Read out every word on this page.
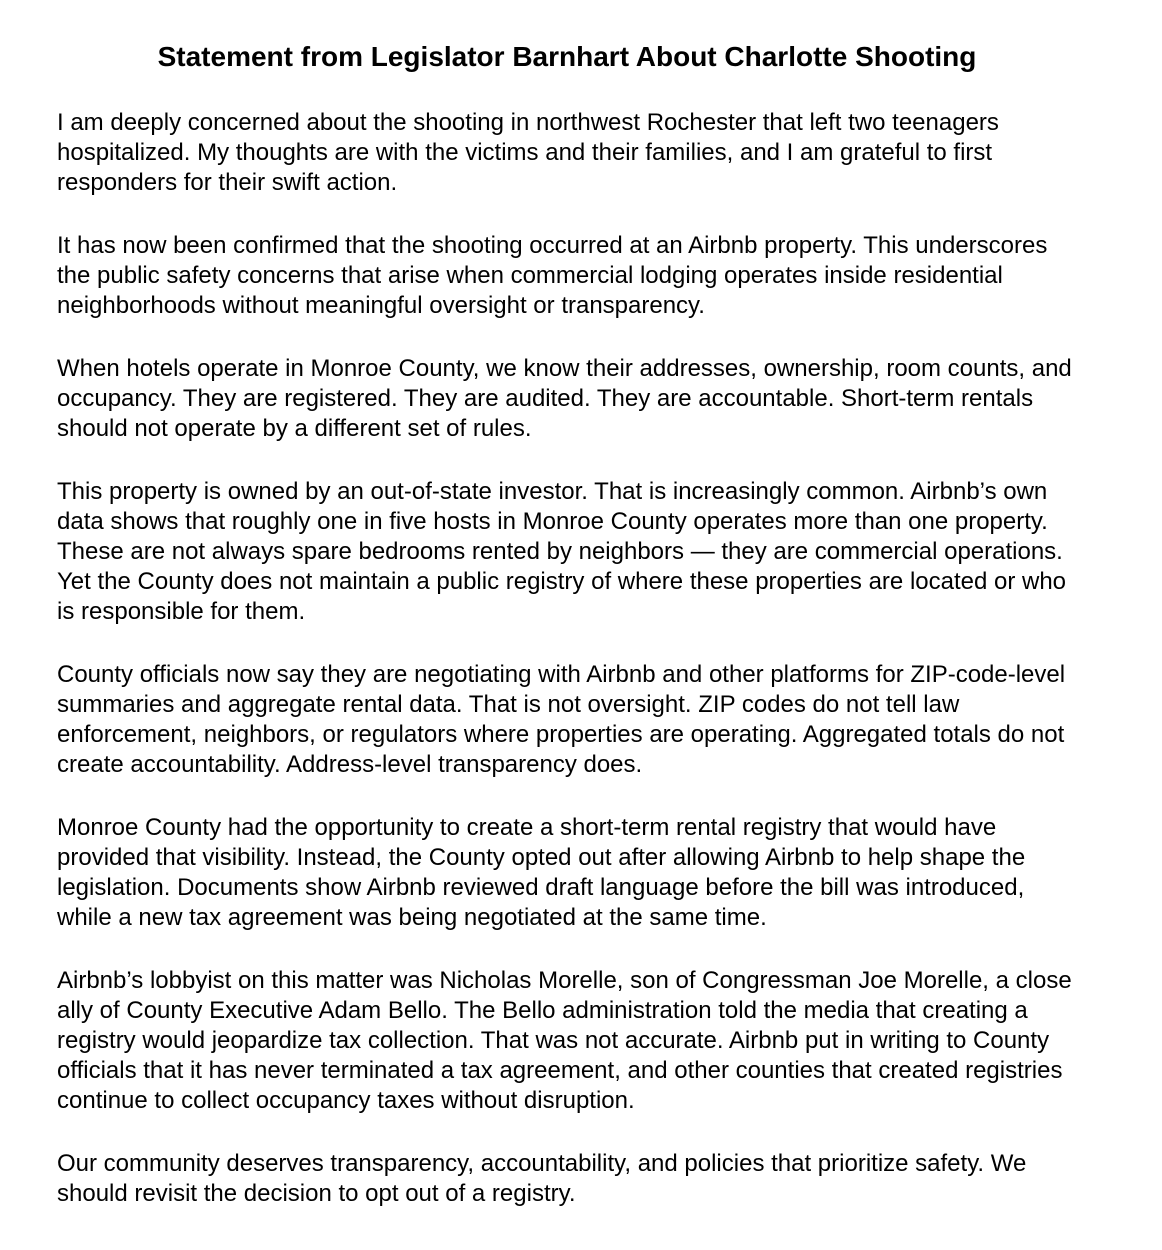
Statement from Legislator Barnhart About Charlotte Shooting

I am deeply concerned about the shooting in northwest Rochester that left two teenagers hospitalized. My thoughts are with the victims and their families, and I am grateful to first responders for their swift action.

It has now been confirmed that the shooting occurred at an Airbnb property. This underscores the public safety concerns that arise when commercial lodging operates inside residential neighborhoods without meaningful oversight or transparency.

When hotels operate in Monroe County, we know their addresses, ownership, room counts, and occupancy. They are registered. They are audited. They are accountable. Short-term rentals should not operate by a different set of rules.

This property is owned by an out-of-state investor. That is increasingly common. Airbnb’s own data shows that roughly one in five hosts in Monroe County operates more than one property. These are not always spare bedrooms rented by neighbors — they are commercial operations. Yet the County does not maintain a public registry of where these properties are located or who is responsible for them.

County officials now say they are negotiating with Airbnb and other platforms for ZIP-code-level summaries and aggregate rental data. That is not oversight. ZIP codes do not tell law enforcement, neighbors, or regulators where properties are operating. Aggregated totals do not create accountability. Address-level transparency does.

Monroe County had the opportunity to create a short-term rental registry that would have provided that visibility. Instead, the County opted out after allowing Airbnb to help shape the legislation. Documents show Airbnb reviewed draft language before the bill was introduced, while a new tax agreement was being negotiated at the same time.

Airbnb’s lobbyist on this matter was Nicholas Morelle, son of Congressman Joe Morelle, a close ally of County Executive Adam Bello. The Bello administration told the media that creating a registry would jeopardize tax collection. That was not accurate. Airbnb put in writing to County officials that it has never terminated a tax agreement, and other counties that created registries continue to collect occupancy taxes without disruption.

Our community deserves transparency, accountability, and policies that prioritize safety. We should revisit the decision to opt out of a registry.
